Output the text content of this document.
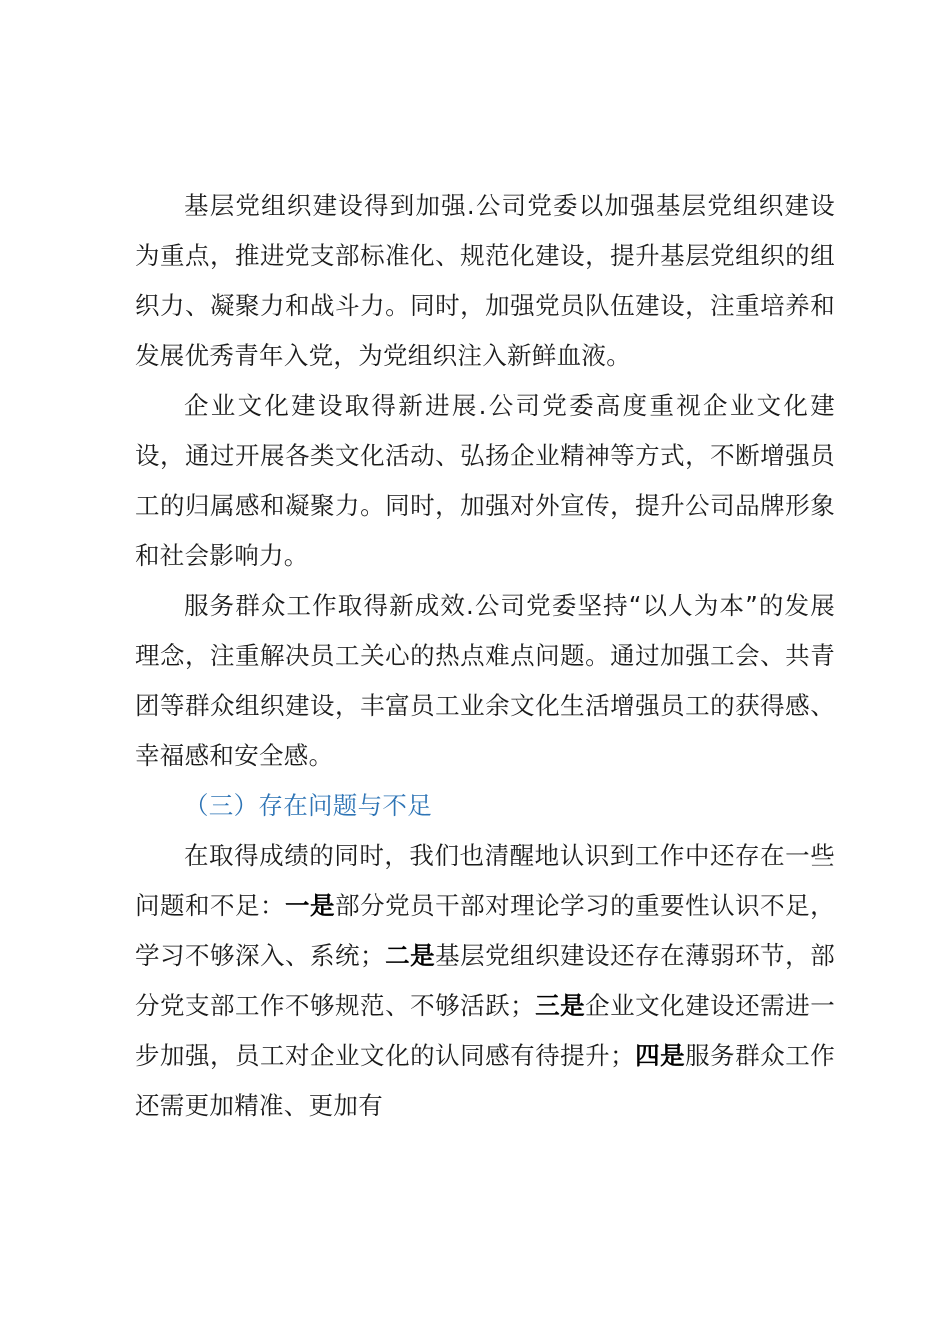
基层党组织建设得到加强.公司党委以加强基层党组织建设为重点，推进党支部标准化、规范化建设，提升基层党组织的组织力、凝聚力和战斗力。同时，加强党员队伍建设，注重培养和发展优秀青年入党，为党组织注入新鲜血液。

企业文化建设取得新进展.公司党委高度重视企业文化建设，通过开展各类文化活动、弘扬企业精神等方式，不断增强员工的归属感和凝聚力。同时，加强对外宣传，提升公司品牌形象和社会影响力。

服务群众工作取得新成效.公司党委坚持“以人为本”的发展理念，注重解决员工关心的热点难点问题。通过加强工会、共青团等群众组织建设，丰富员工业余文化生活增强员工的获得感、幸福感和安全感。

（三）存在问题与不足

在取得成绩的同时，我们也清醒地认识到工作中还存在一些问题和不足：一是部分党员干部对理论学习的重要性认识不足，学习不够深入、系统；二是基层党组织建设还存在薄弱环节，部分党支部工作不够规范、不够活跃；三是企业文化建设还需进一步加强，员工对企业文化的认同感有待提升；四是服务群众工作还需更加精准、更加有
